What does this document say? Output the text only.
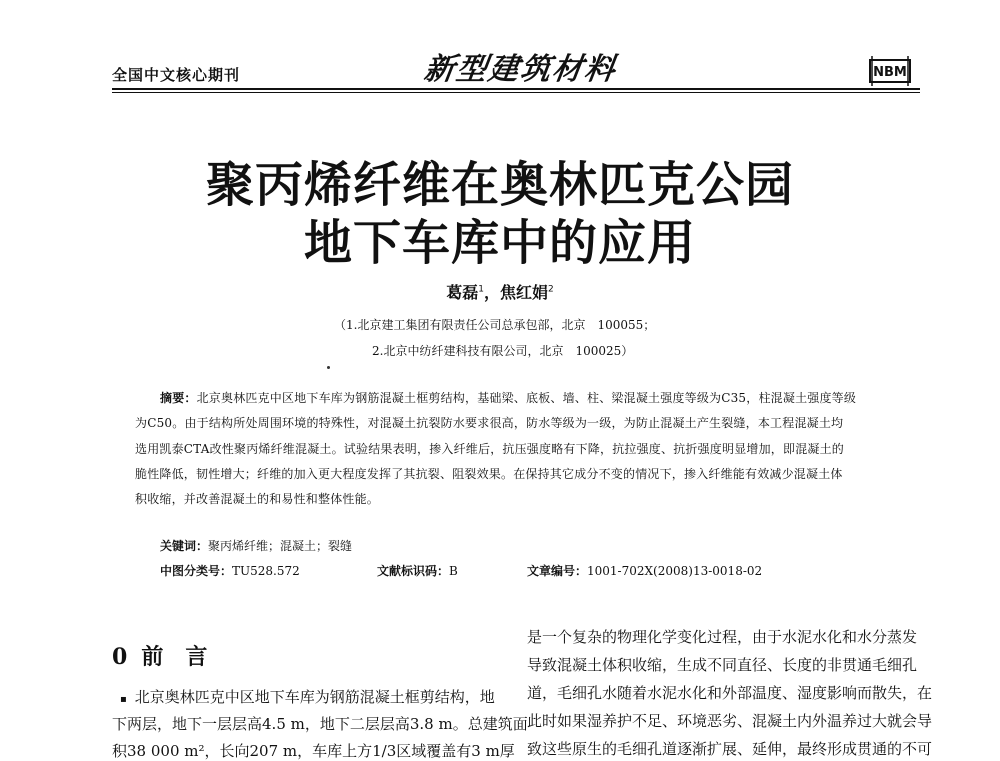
全国中文核心期刊	新型建筑材料	NBM
聚丙烯纤维在奥林匹克公园
地下车库中的应用
葛磊$^1$，焦红娟$^2$
（1.北京建工集团有限责任公司总承包部，北京　100055；
2.北京中纺纤建科技有限公司，北京　100025）
摘要：北京奥林匹克中区地下车库为钢筋混凝土框剪结构，基础梁、底板、墙、柱、梁混凝土强度等级为C35，柱混凝土强度等级
为C50。由于结构所处周围环境的特殊性，对混凝土抗裂防水要求很高，防水等级为一级，为防止混凝土产生裂缝，本工程混凝土均
选用凯泰CTA改性聚丙烯纤维混凝土。试验结果表明，掺入纤维后，抗压强度略有下降，抗拉强度、抗折强度明显增加，即混凝土的
脆性降低，韧性增大；纤维的加入更大程度发挥了其抗裂、阻裂效果。在保持其它成分不变的情况下，掺入纤维能有效减少混凝土体
积收缩，并改善混凝土的和易性和整体性能。
关键词：聚丙烯纤维；混凝土；裂缝
中图分类号：TU528.572	文献标识码：B	文章编号：1001-702X(2008)13-0018-02
0 前　言
▪ 北京奥林匹克中区地下车库为钢筋混凝土框剪结构，地
下两层，地下一层层高4.5 m，地下二层层高3.8 m。总建筑面
积38 000 m²，长向207 m，车库上方1/3区域覆盖有3 m厚
是一个复杂的物理化学变化过程，由于水泥水化和水分蒸发
导致混凝土体积收缩，生成不同直径、长度的非贯通毛细孔
道，毛细孔水随着水泥水化和外部温度、湿度影响而散失，在
此时如果湿养护不足、环境恶劣、混凝土内外温养过大就会导
致这些原生的毛细孔道逐渐扩展、延伸，最终形成贯通的不可
